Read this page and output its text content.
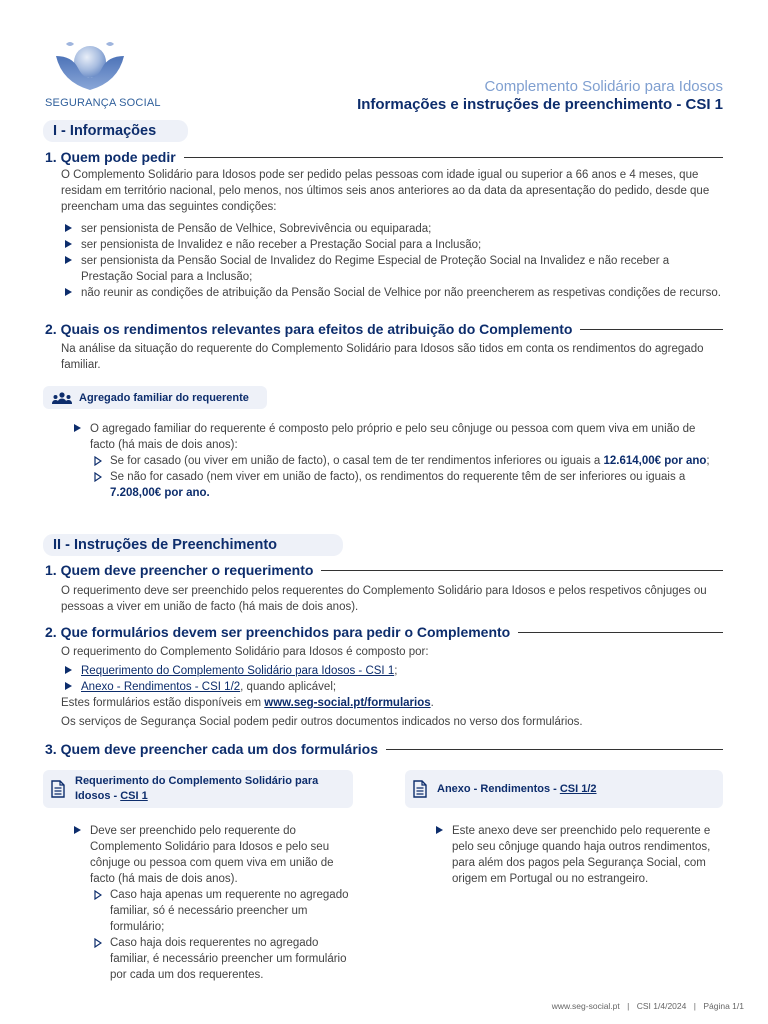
SEGURANÇA SOCIAL
Complemento Solidário para Idosos
Informações e instruções de preenchimento - CSI 1
I - Informações
1. Quem pode pedir
O Complemento Solidário para Idosos pode ser pedido pelas pessoas com idade igual ou superior a 66 anos e 4 meses, que residam em território nacional, pelo menos, nos últimos seis anos anteriores ao da data da apresentação do pedido, desde que preencham uma das seguintes condições:
ser pensionista de Pensão de Velhice, Sobrevivência ou equiparada;
ser pensionista de Invalidez e não receber a Prestação Social para a Inclusão;
ser pensionista da Pensão Social de Invalidez do Regime Especial de Proteção Social na Invalidez e não receber a Prestação Social para a Inclusão;
não reunir as condições de atribuição da Pensão Social de Velhice por não preencherem as respetivas condições de recurso.
2. Quais os rendimentos relevantes para efeitos de atribuição do Complemento
Na análise da situação do requerente do Complemento Solidário para Idosos são tidos em conta os rendimentos do agregado familiar.
Agregado familiar do requerente
O agregado familiar do requerente é composto pelo próprio e pelo seu cônjuge ou pessoa com quem viva em união de facto (há mais de dois anos):
Se for casado (ou viver em união de facto), o casal tem de ter rendimentos inferiores ou iguais a 12.614,00€ por ano;
Se não for casado (nem viver em união de facto), os rendimentos do requerente têm de ser inferiores ou iguais a 7.208,00€ por ano.
II - Instruções de Preenchimento
1. Quem deve preencher o requerimento
O requerimento deve ser preenchido pelos requerentes do Complemento Solidário para Idosos e pelos respetivos cônjuges ou pessoas a viver em união de facto (há mais de dois anos).
2. Que formulários devem ser preenchidos para pedir o Complemento
O requerimento do Complemento Solidário para Idosos é composto por:
Requerimento do Complemento Solidário para Idosos - CSI 1;
Anexo - Rendimentos - CSI 1/2, quando aplicável;
Estes formulários estão disponíveis em www.seg-social.pt/formularios.
Os serviços de Segurança Social podem pedir outros documentos indicados no verso dos formulários.
3. Quem deve preencher cada um dos formulários
Requerimento do Complemento Solidário para Idosos - CSI 1
Deve ser preenchido pelo requerente do Complemento Solidário para Idosos e pelo seu cônjuge ou pessoa com quem viva em união de facto (há mais de dois anos).
Caso haja apenas um requerente no agregado familiar, só é necessário preencher um formulário;
Caso haja dois requerentes no agregado familiar, é necessário preencher um formulário por cada um dos requerentes.
Anexo - Rendimentos - CSI 1/2
Este anexo deve ser preenchido pelo requerente e pelo seu cônjuge quando haja outros rendimentos, para além dos pagos pela Segurança Social, com origem em Portugal ou no estrangeiro.
www.seg-social.pt | CSI 1/4/2024 | Página 1/1
